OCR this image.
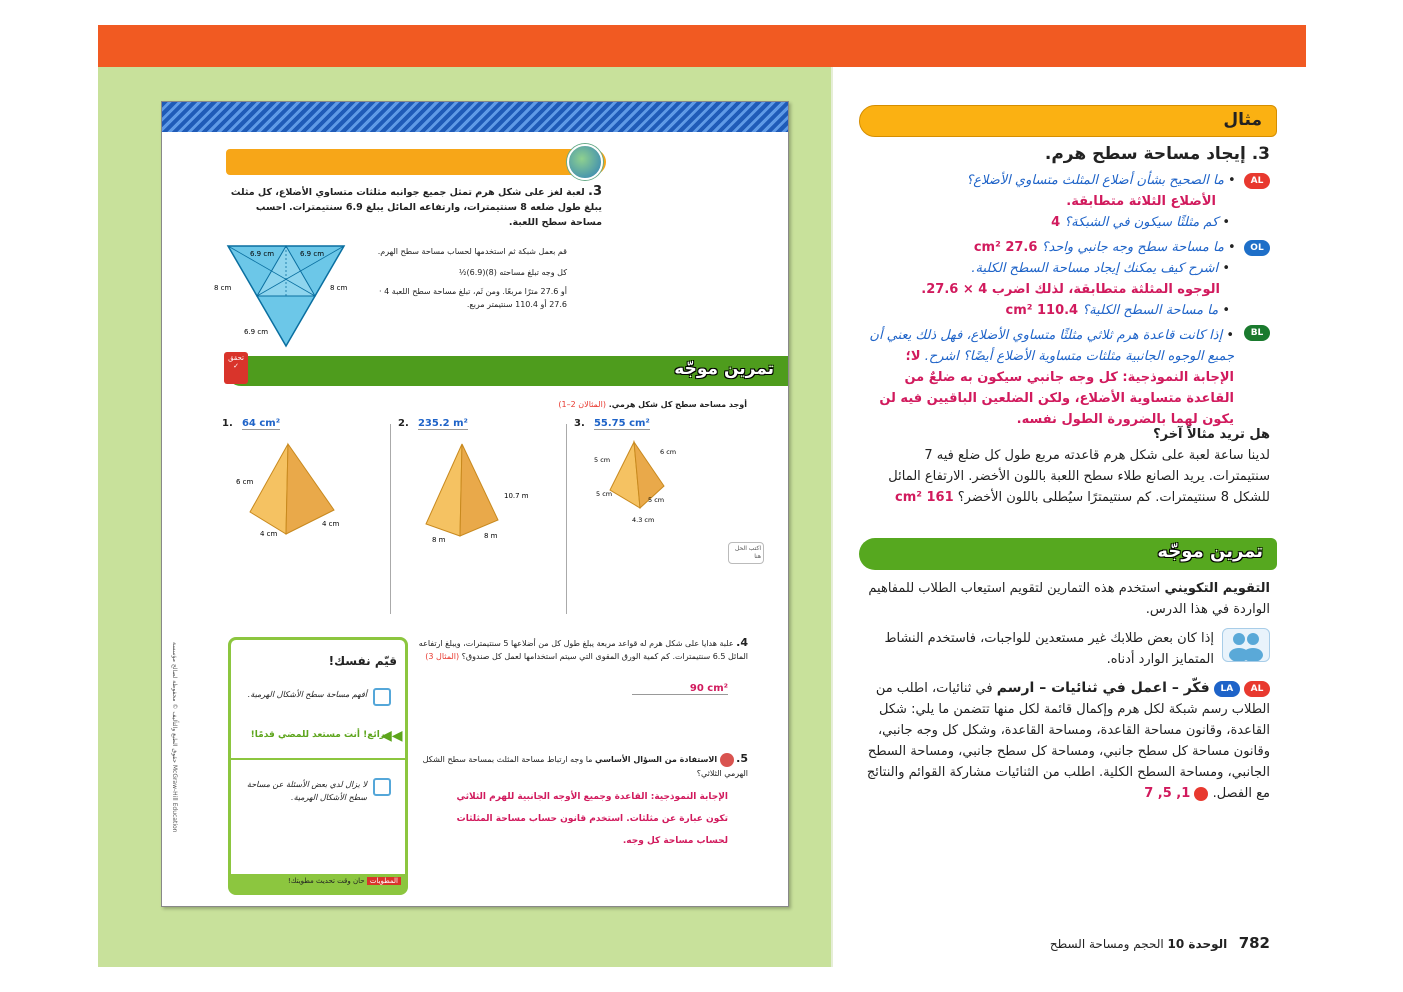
3. لعبة لغز على شكل هرم تمثل جميع جوانبه مثلثات متساوي الأضلاع، كل مثلث يبلغ طول ضلعه 8 سنتيمترات، وارتفاعه المائل يبلغ 6.9 سنتيمترات. احسب مساحة سطح اللعبة.
6.9 cm	6.9 cm
8 cm	8 cm
6.9 cm
قم بعمل شبكة ثم استخدمها لحساب مساحة سطح الهرم.
كل وجه تبلغ مساحته (8)(6.9)½
أو 27.6 مترًا مربعًا. ومن ثَم، تبلغ مساحة سطح اللعبة 4 · 27.6 أو 110.4 سنتيمتر مربع.
تمرين موجّه
تحقق
✓
أوجد مساحة سطح كل شكل هرمي. (المثالان 2–1)
1. 64 cm²
6 cm
4 cm
4 cm
2. 235.2 m²
10.7 m
8 m	8 m
3. 55.75 cm²
5 cm
6 cm
5 cm
5 cm
4.3 cm
اكتب الحل هنا
4. علبة هدايا على شكل هرم له قواعد مربعة يبلغ طول كل من أضلاعها 5 سنتيمترات، ويبلغ ارتفاعه المائل 6.5 سنتيمترات. كم كمية الورق المقوى التي سيتم استخدامها لعمل كل صندوق؟ (المثال 3)
90 cm²
5.  الاستفادة من السؤال الأساسي ما وجه ارتباط مساحة المثلث بمساحة سطح الشكل الهرمي الثلاثي؟
الإجابة النموذجية: القاعدة وجميع الأوجه الجانبية للهرم الثلاثي تكون عبارة عن مثلثات. استخدم قانون حساب مساحة المثلثات لحساب مساحة كل وجه.
قيّم نفسك!
أفهم مساحة سطح الأشكال الهرمية.
رائع! أنت مستعد للمضي قدمًا!
◀◀
لا يزال لدي بعض الأسئلة عن مساحة سطح الأشكال الهرمية.
المطويات حان وقت تحديث مطويتك!
حقوق الطبع والتأليف © محفوظة لصالح مؤسسة McGraw-Hill Education
مثال
3. إيجاد مساحة سطح هرم.
AL  • ما الصحيح بشأن أضلاع المثلث متساوي الأضلاع؟
الأضلاع الثلاثة متطابقة.
• كم مثلثًا سيكون في الشبكة؟ 4
OL  • ما مساحة سطح وجه جانبي واحد؟ 27.6 cm²
• اشرح كيف يمكنك إيجاد مساحة السطح الكلية.
الوجوه المثلثة متطابقة، لذلك اضرب 4 × 27.6.
• ما مساحة السطح الكلية؟ 110.4 cm²
BL
• إذا كانت قاعدة هرم ثلاثي مثلثًا متساوي الأضلاع، فهل ذلك يعني أن جميع الوجوه الجانبية مثلثات متساوية الأضلاع أيضًا؟ اشرح. لا؛ الإجابة النموذجية: كل وجه جانبي سيكون به ضلعٌ من القاعدة متساوية الأضلاع، ولكن الضلعين الباقيين فيه لن يكون لهما بالضرورة الطول نفسه.
هل تريد مثالاً آخر؟
لدينا ساعة لعبة على شكل هرم قاعدته مربع طول كل ضلع فيه 7 سنتيمترات. يريد الصانع طلاء سطح اللعبة باللون الأخضر. الارتفاع المائل للشكل 8 سنتيمترات. كم سنتيمترًا سيُطلى باللون الأخضر؟ 161 cm²
تمرين موجّه
التقويم التكويني استخدم هذه التمارين لتقويم استيعاب الطلاب للمفاهيم الواردة في هذا الدرس.
إذا كان بعض طلابك غير مستعدين للواجبات، فاستخدم النشاط المتمايز الوارد أدناه.
AL LA فكّر – اعمل في ثنائيات – ارسم في ثنائيات، اطلب من الطلاب رسم شبكة لكل هرم وإكمال قائمة لكل منها تتضمن ما يلي: شكل القاعدة، وقانون مساحة القاعدة، ومساحة القاعدة، وشكل كل وجه جانبي، وقانون مساحة كل سطح جانبي، ومساحة كل سطح جانبي، ومساحة السطح الجانبي، ومساحة السطح الكلية. اطلب من الثنائيات مشاركة القوائم والنتائج مع الفصل.  1, 5, 7
782   الوحدة 10 الحجم ومساحة السطح
